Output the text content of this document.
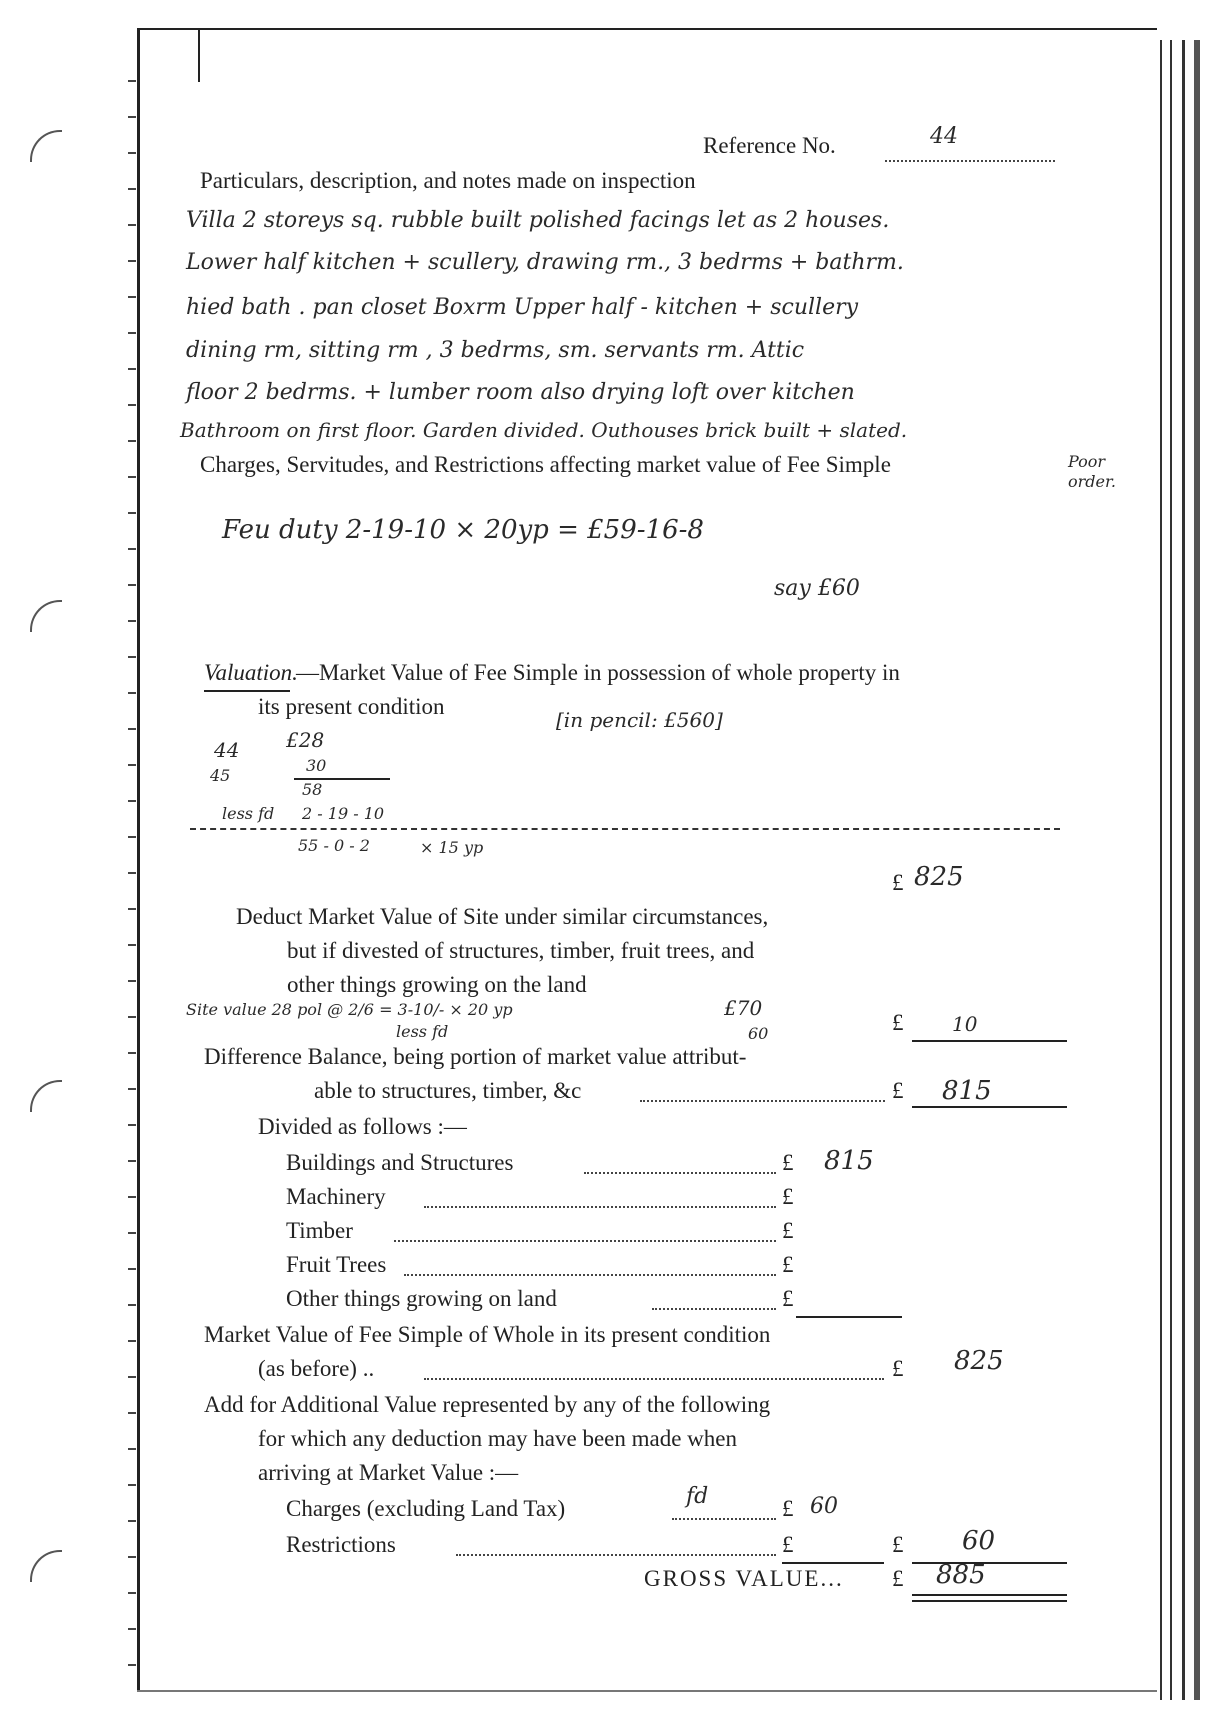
Reference No.	44
Particulars, description, and notes made on inspection
Villa 2 storeys sq. rubble built polished facings let as 2 houses.
Lower half kitchen + scullery, drawing rm., 3 bedrms + bathrm.
hied bath . pan closet Boxrm Upper half - kitchen + scullery
dining rm, sitting rm , 3 bedrms, sm. servants rm. Attic
floor 2 bedrms. + lumber room also drying loft over kitchen
Bathroom on first floor. Garden divided. Outhouses brick built + slated.
Poor order.
Charges, Servitudes, and Restrictions affecting market value of Fee Simple
Feu duty 2-19-10 × 20yp = £59-16-8
say £60
Valuation.
—Market Value of Fee Simple in possession of whole property in
its present condition
[in pencil: £560]
44 £28
45
30
58
less fd 2 - 19 - 10
55 - 0 - 2	× 15 yp
£ 825
Deduct Market Value of Site under similar circumstances,
but if divested of structures, timber, fruit trees, and
other things growing on the land
Site value 28 pol @ 2/6 = 3-10/- × 20 yp
less fd
£70
60	£ 10
Difference Balance, being portion of market value attribut-
able to structures, timber, &c	£ 815
Divided as follows :—
Buildings and Structures	£ 815
Machinery	£
Timber	£
Fruit Trees	£
Other things growing on land	£
Market Value of Fee Simple of Whole in its present condition
(as before) ..	£ 825
Add for Additional Value represented by any of the following
for which any deduction may have been made when
arriving at Market Value :—
Charges (excluding Land Tax)	fd	£ 60
Restrictions	£	£ 60
GROSS VALUE... £ 885
